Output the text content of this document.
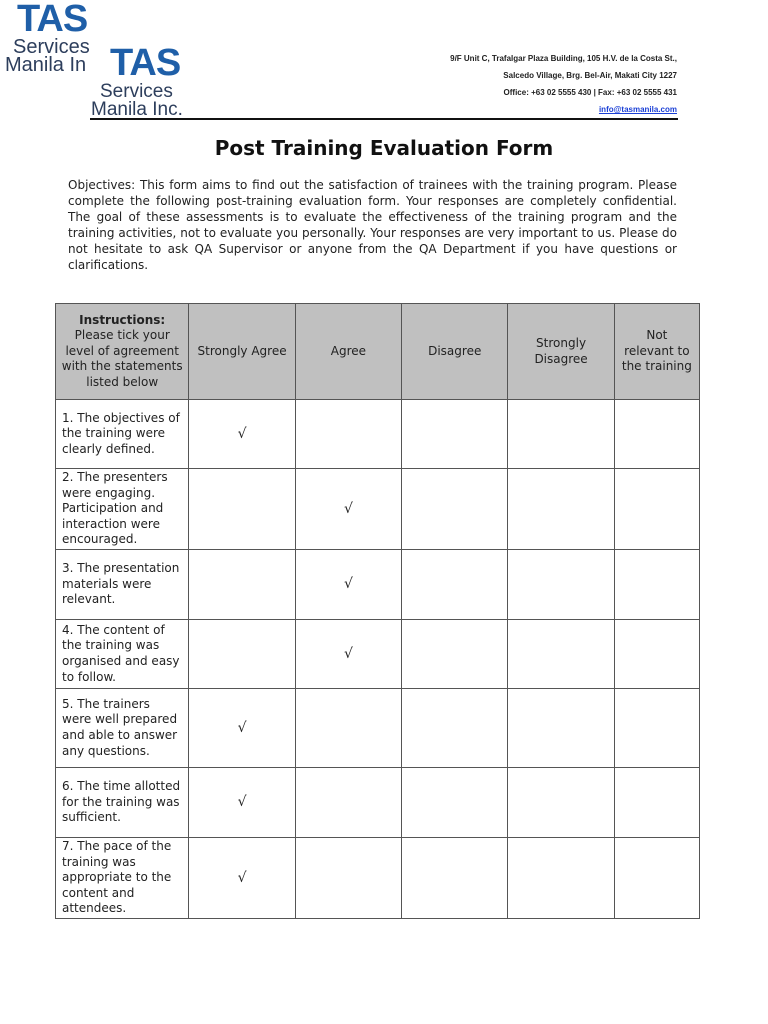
TAS
Services
Manila In TAS
Services
Manila Inc.
9/F Unit C, Trafalgar Plaza Building, 105 H.V. de la Costa St.,
Salcedo Village, Brg. Bel-Air, Makati City 1227
Office: +63 02 5555 430 | Fax: +63 02 5555 431
info@tasmanila.com
Post Training Evaluation Form
Objectives: This form aims to find out the satisfaction of trainees with the training program. Please complete the following post-training evaluation form. Your responses are completely confidential. The goal of these assessments is to evaluate the effectiveness of the training program and the training activities, not to evaluate you personally. Your responses are very important to us. Please do not hesitate to ask QA Supervisor or anyone from the QA Department if you have questions or clarifications.
Instructions:
Please tick your level of agreement with the statements listed below	Strongly Agree	Agree	Disagree	Strongly Disagree	Not relevant to the training
1. The objectives of the training were clearly defined.	√				
2. The presenters were engaging. Participation and interaction were encouraged.		√			
3. The presentation materials were relevant.		√			
4. The content of the training was organised and easy to follow.		√			
5. The trainers were well prepared and able to answer any questions.	√				
6. The time allotted for the training was sufficient.	√				
7. The pace of the training was appropriate to the content and attendees.	√				
